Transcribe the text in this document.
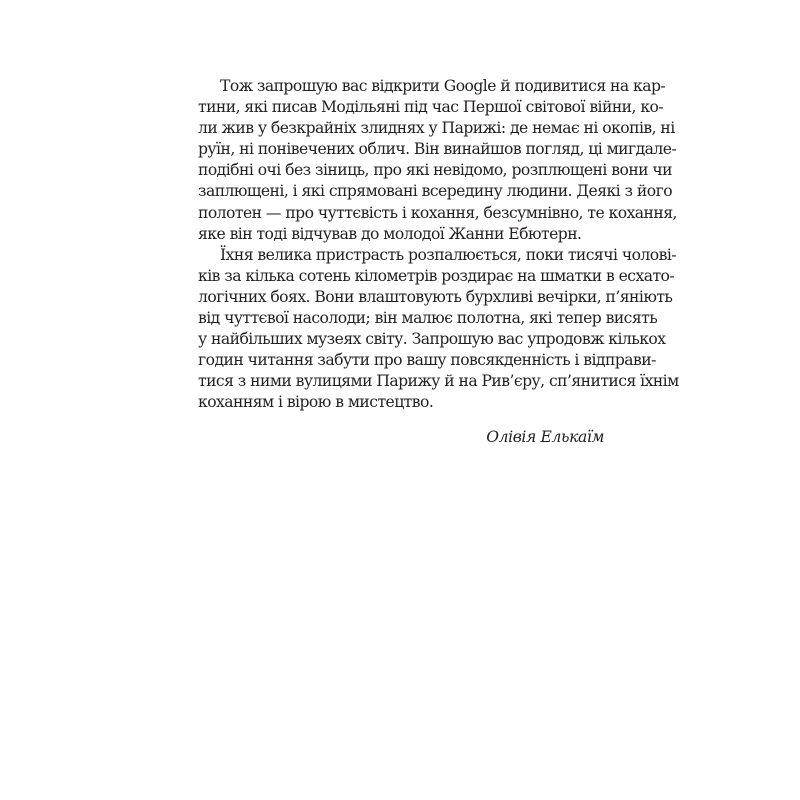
Тож запрошую вас відкрити Google й подивитися на кар-
тини, які писав Модільяні під час Першої світової війни, ко-
ли жив у безкрайніх злиднях у Парижі: де немає ні окопів, ні
руїн, ні понівечених облич. Він винайшов погляд, ці мигдале-
подібні очі без зіниць, про які невідомо, розплющені вони чи
заплющені, і які спрямовані всередину людини. Деякі з його
полотен — про чуттєвість і кохання, безсумнівно, те кохання,
яке він тоді відчував до молодої Жанни Ебютерн.
Їхня велика пристрасть розпалюється, поки тисячі чолові-
ків за кілька сотень кілометрів роздирає на шматки в есхато-
логічних боях. Вони влаштовують бурхливі вечірки, п’яніють
від чуттєвої насолоди; він малює полотна, які тепер висять
у найбільших музеях світу. Запрошую вас упродовж кількох
годин читання забути про вашу повсякденність і відправи-
тися з ними вулицями Парижу й на Рив’єру, сп’янитися їхнім
коханням і вірою в мистецтво.
Олівія Елькаїм
